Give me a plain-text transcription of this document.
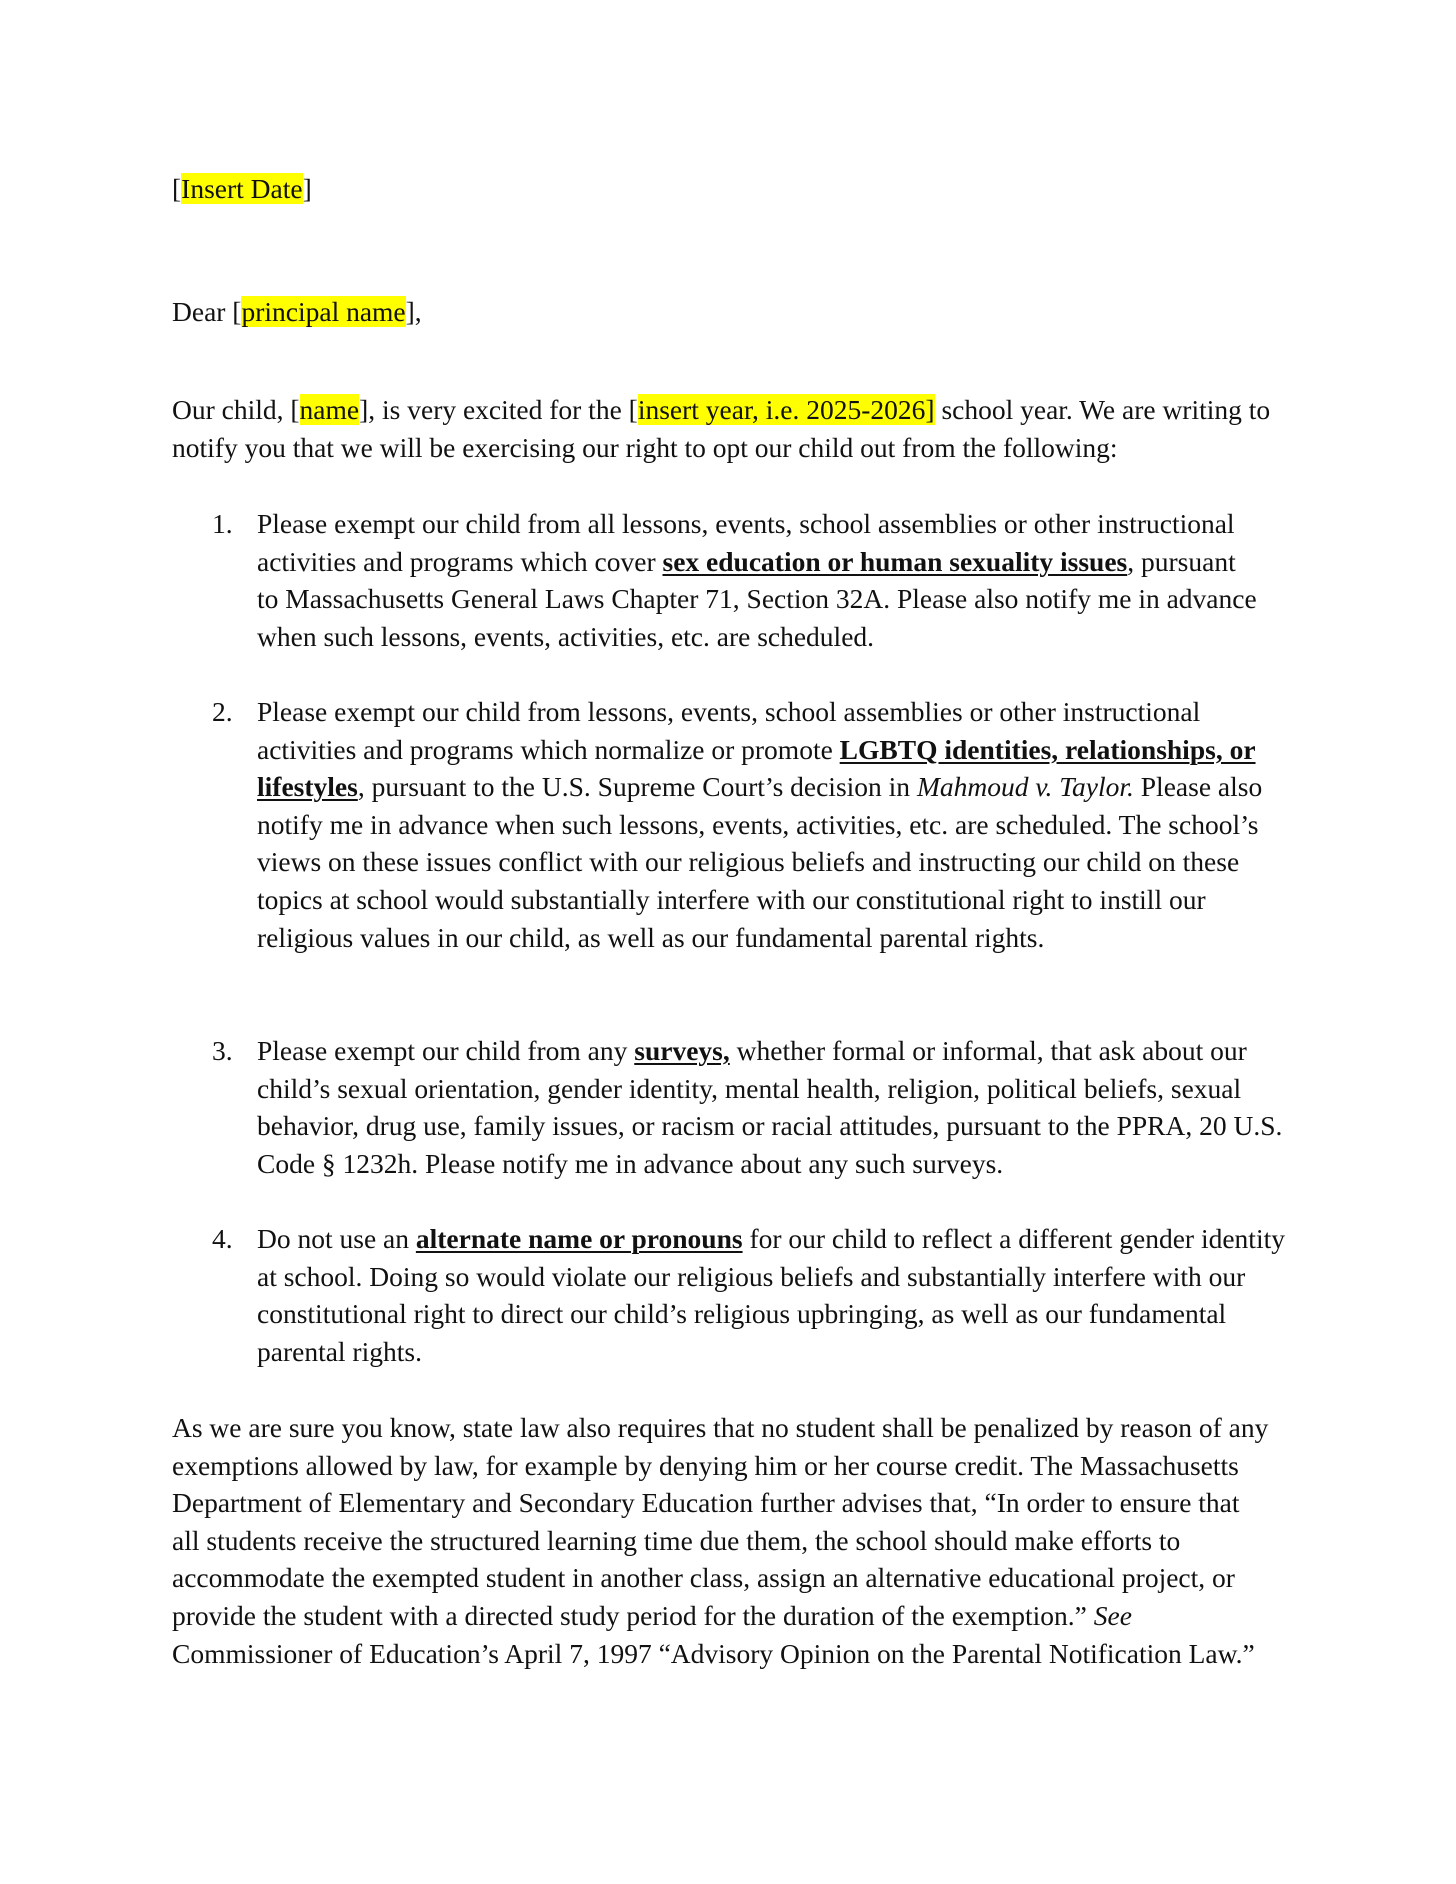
[Insert Date]

Dear [principal name],

Our child, [name], is very excited for the [insert year, i.e. 2025-2026] school year. We are writing to notify you that we will be exercising our right to opt our child out from the following:

1. Please exempt our child from all lessons, events, school assemblies or other instructional activities and programs which cover sex education or human sexuality issues, pursuant to Massachusetts General Laws Chapter 71, Section 32A. Please also notify me in advance when such lessons, events, activities, etc. are scheduled.
2. Please exempt our child from lessons, events, school assemblies or other instructional activities and programs which normalize or promote LGBTQ identities, relationships, or lifestyles, pursuant to the U.S. Supreme Court’s decision in Mahmoud v. Taylor. Please also notify me in advance when such lessons, events, activities, etc. are scheduled. The school’s views on these issues conflict with our religious beliefs and instructing our child on these topics at school would substantially interfere with our constitutional right to instill our religious values in our child, as well as our fundamental parental rights.
3. Please exempt our child from any surveys, whether formal or informal, that ask about our child’s sexual orientation, gender identity, mental health, religion, political beliefs, sexual behavior, drug use, family issues, or racism or racial attitudes, pursuant to the PPRA, 20 U.S. Code § 1232h. Please notify me in advance about any such surveys.
4. Do not use an alternate name or pronouns for our child to reflect a different gender identity at school. Doing so would violate our religious beliefs and substantially interfere with our constitutional right to direct our child’s religious upbringing, as well as our fundamental parental rights.

As we are sure you know, state law also requires that no student shall be penalized by reason of any exemptions allowed by law, for example by denying him or her course credit. The Massachusetts Department of Elementary and Secondary Education further advises that, “In order to ensure that all students receive the structured learning time due them, the school should make efforts to accommodate the exempted student in another class, assign an alternative educational project, or provide the student with a directed study period for the duration of the exemption.” See Commissioner of Education’s April 7, 1997 “Advisory Opinion on the Parental Notification Law.”
